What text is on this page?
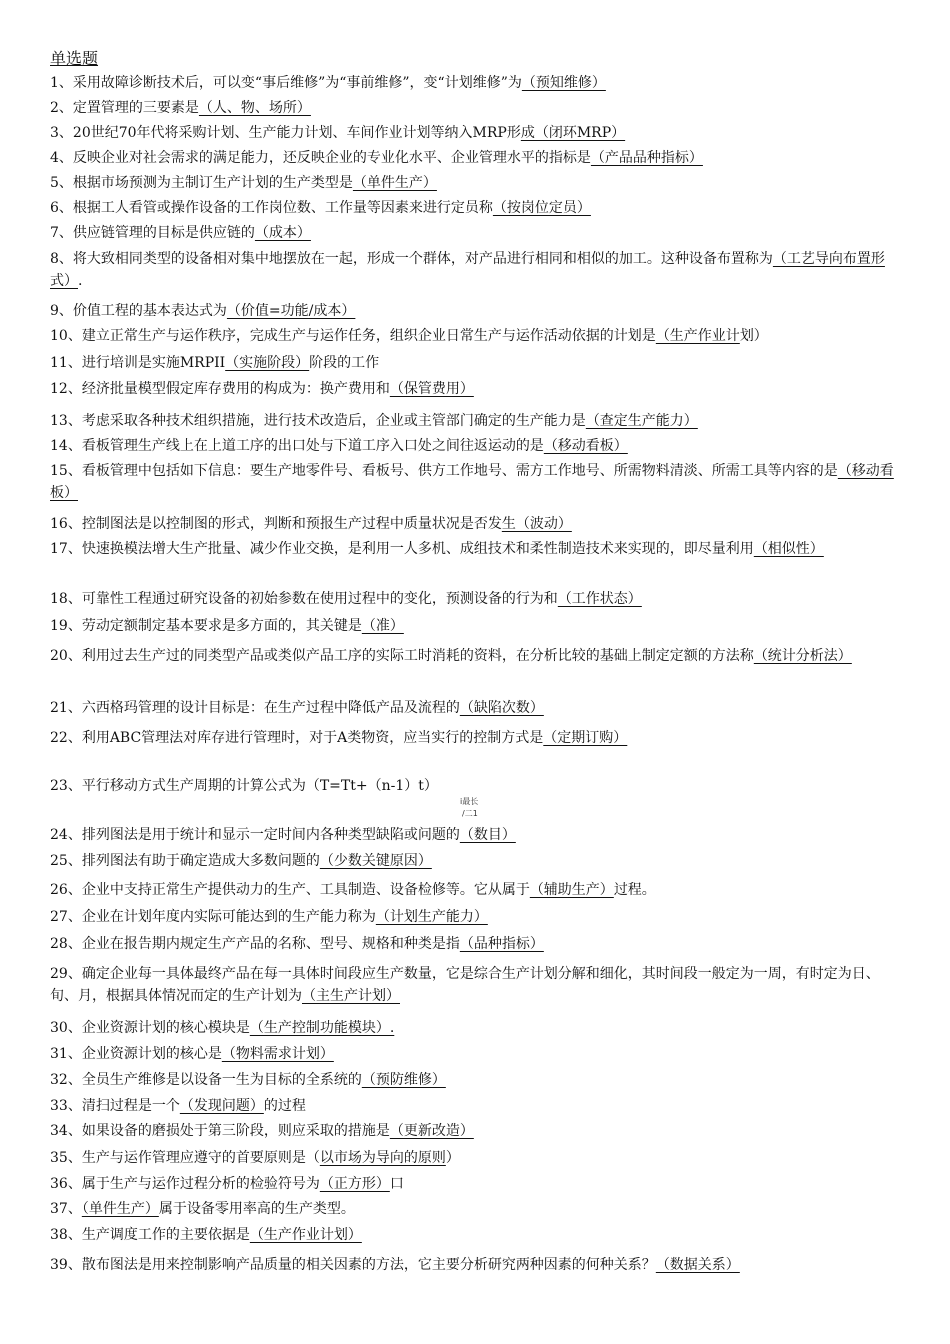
单选题
1、采用故障诊断技术后，可以变“事后维修”为“事前维修”，变“计划维修”为（预知维修）
2、定置管理的三要素是（人、物、场所）
3、20世纪70年代将采购计划、生产能力计划、车间作业计划等纳入MRP形成（闭环MRP）
4、反映企业对社会需求的满足能力，还反映企业的专业化水平、企业管理水平的指标是（产品品种指标）
5、根据市场预测为主制订生产计划的生产类型是（单件生产）
6、根据工人看管或操作设备的工作岗位数、工作量等因素来进行定员称（按岗位定员）
7、供应链管理的目标是供应链的（成本）
8、将大致相同类型的设备相对集中地摆放在一起，形成一个群体，对产品进行相同和相似的加工。这种设备布置称为（工艺导向布置形式）.
9、价值工程的基本表达式为（价值=功能/成本）
10、建立正常生产与运作秩序，完成生产与运作任务，组织企业日常生产与运作活动依据的计划是（生产作业计划）
11、进行培训是实施MRPII（实施阶段）阶段的工作
12、经济批量模型假定库存费用的构成为：换产费用和（保管费用）
13、考虑采取各种技术组织措施，进行技术改造后，企业或主管部门确定的生产能力是（查定生产能力）
14、看板管理生产线上在上道工序的出口处与下道工序入口处之间往返运动的是（移动看板）
15、看板管理中包括如下信息：要生产地零件号、看板号、供方工作地号、需方工作地号、所需物料清淡、所需工具等内容的是（移动看板）
16、控制图法是以控制图的形式，判断和预报生产过程中质量状况是否发生（波动）
17、快速换模法增大生产批量、减少作业交换，是利用一人多机、成组技术和柔性制造技术来实现的，即尽量利用（相似性）
18、可靠性工程通过研究设备的初始参数在使用过程中的变化，预测设备的行为和（工作状态）
19、劳动定额制定基本要求是多方面的，其关键是（准）
20、利用过去生产过的同类型产品或类似产品工序的实际工时消耗的资料，在分析比较的基础上制定定额的方法称（统计分析法）
21、六西格玛管理的设计目标是：在生产过程中降低产品及流程的（缺陷次数）
22、利用ABC管理法对库存进行管理时，对于A类物资，应当实行的控制方式是（定期订购）
23、平行移动方式生产周期的计算公式为（T=Tt+（n-1）t）
i最长
/二1
24、排列图法是用于统计和显示一定时间内各种类型缺陷或问题的（数目）
25、排列图法有助于确定造成大多数问题的（少数关键原因）
26、企业中支持正常生产提供动力的生产、工具制造、设备检修等。它从属于（辅助生产）过程。
27、企业在计划年度内实际可能达到的生产能力称为（计划生产能力）
28、企业在报告期内规定生产产品的名称、型号、规格和种类是指（品种指标）
29、确定企业每一具体最终产品在每一具体时间段应生产数量，它是综合生产计划分解和细化，其时间段一般定为一周，有时定为日、旬、月，根据具体情况而定的生产计划为（主生产计划）
30、企业资源计划的核心模块是（生产控制功能模块）.
31、企业资源计划的核心是（物料需求计划）
32、全员生产维修是以设备一生为目标的全系统的（预防维修）
33、清扫过程是一个（发现问题）的过程
34、如果设备的磨损处于第三阶段，则应采取的措施是（更新改造）
35、生产与运作管理应遵守的首要原则是（以市场为导向的原则）
36、属于生产与运作过程分析的检验符号为（正方形）口
37、（单件生产）属于设备零用率高的生产类型。
38、生产调度工作的主要依据是（生产作业计划）
39、散布图法是用来控制影响产品质量的相关因素的方法，它主要分析研究两种因素的何种关系？（数据关系）
